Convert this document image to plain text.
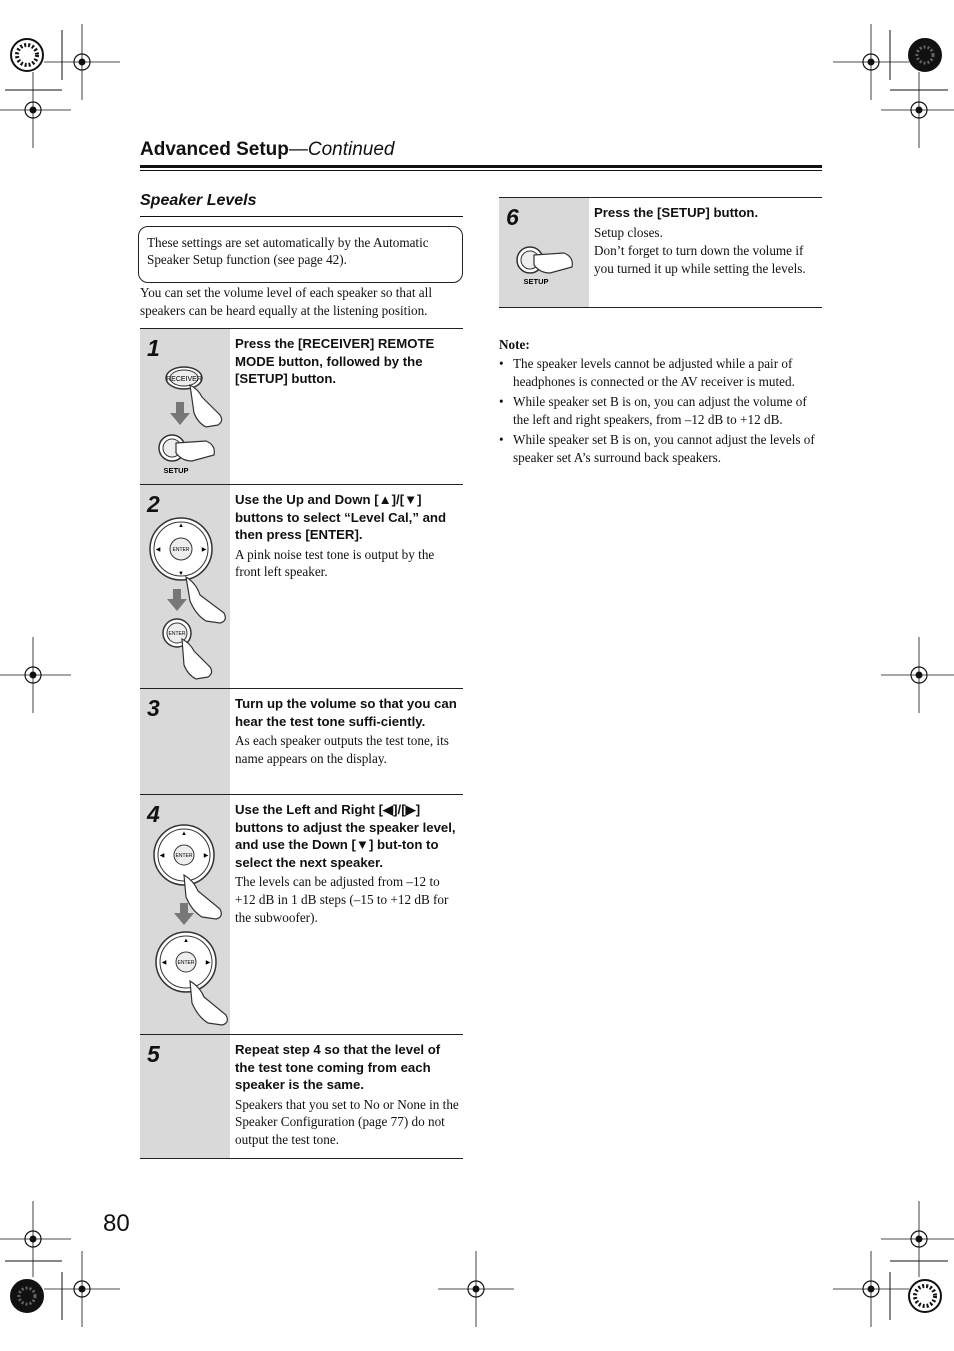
Advanced Setup—Continued
Speaker Levels
These settings are set automatically by the Automatic Speaker Setup function (see page 42).
You can set the volume level of each speaker so that all speakers can be heard equally at the listening position.
1
RECEIVER
SETUP
Press the [RECEIVER] REMOTE MODE button, followed by the [SETUP] button.
2
ENTER
▲
▼
◀	▶
ENTER
Use the Up and Down [▲]/[▼] buttons to select “Level Cal,” and then press [ENTER].
A pink noise test tone is output by the front left speaker.
3	Turn up the volume so that you can hear the test tone suffi-ciently.
As each speaker outputs the test tone, its name appears on the display.
4
ENTER
▲
◀	▶
ENTER
▲
◀	▶
Use the Left and Right [◀]/[▶] buttons to adjust the speaker level, and use the Down [▼] but-ton to select the next speaker.
The levels can be adjusted from –12 to +12 dB in 1 dB steps (–15 to +12 dB for the subwoofer).
5	Repeat step 4 so that the level of the test tone coming from each speaker is the same.
Speakers that you set to No or None in the Speaker Configuration (page 77) do not output the test tone.
6
SETUP
Press the [SETUP] button.
Setup closes.
Don’t forget to turn down the volume if you turned it up while setting the levels.
Note:
• The speaker levels cannot be adjusted while a pair of headphones is connected or the AV receiver is muted.
• While speaker set B is on, you can adjust the volume of the left and right speakers, from –12 dB to +12 dB.
• While speaker set B is on, you cannot adjust the levels of speaker set A’s surround back speakers.
80
